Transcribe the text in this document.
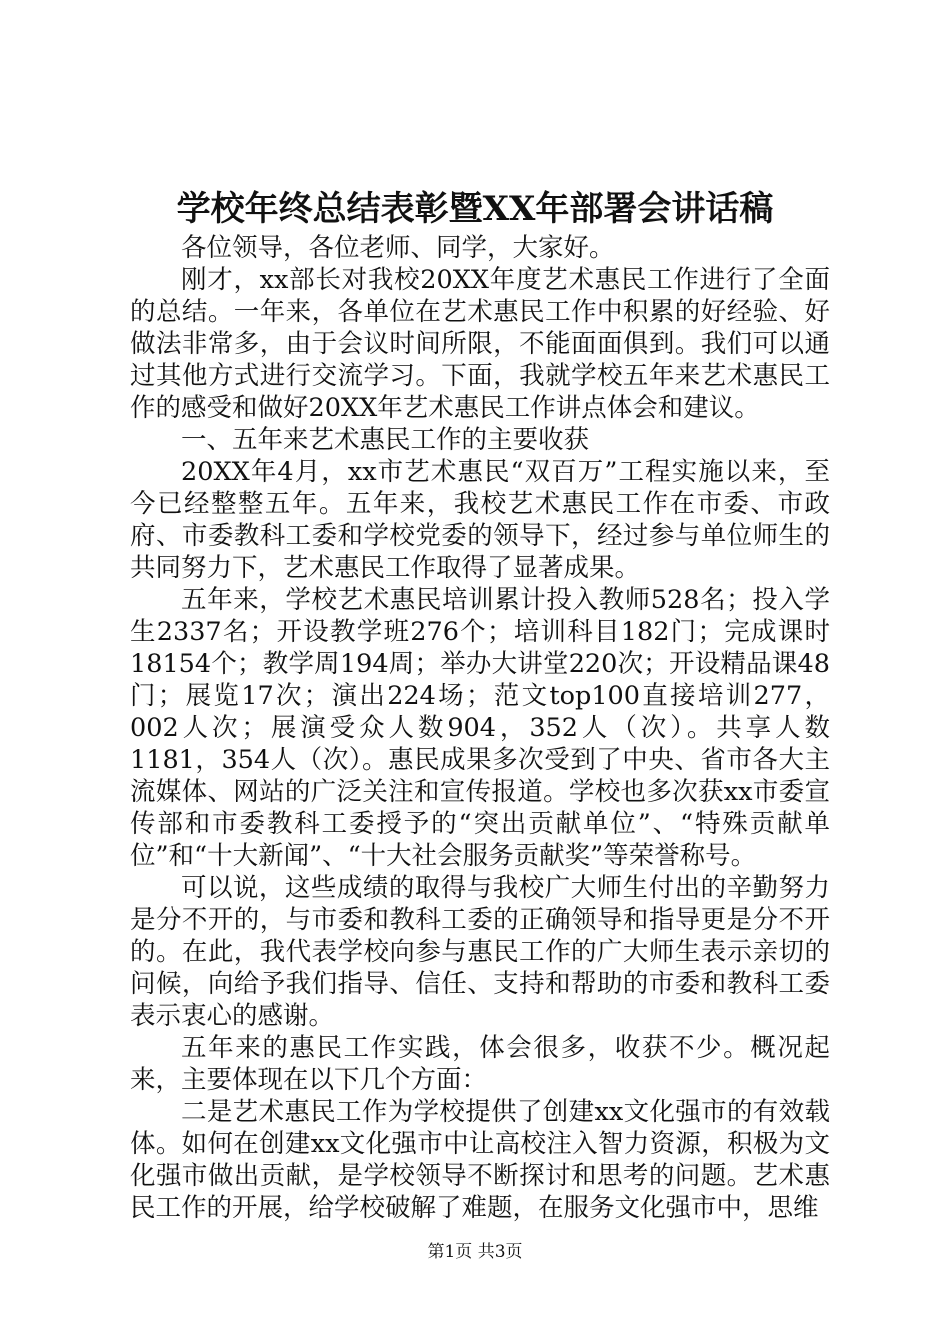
学校年终总结表彰暨XX年部署会讲话稿

各位领导，各位老师、同学，大家好。

刚才，xx部长对我校20XX年度艺术惠民工作进行了全面的总结。一年来，各单位在艺术惠民工作中积累的好经验、好做法非常多，由于会议时间所限，不能面面俱到。我们可以通过其他方式进行交流学习。下面，我就学校五年来艺术惠民工作的感受和做好20XX年艺术惠民工作讲点体会和建议。

一、五年来艺术惠民工作的主要收获

20XX年4月，xx市艺术惠民“双百万”工程实施以来，至今已经整整五年。五年来，我校艺术惠民工作在市委、市政府、市委教科工委和学校党委的领导下，经过参与单位师生的共同努力下，艺术惠民工作取得了显著成果。

五年来，学校艺术惠民培训累计投入教师528名；投入学生2337名；开设教学班276个；培训科目182门；完成课时18154个；教学周194周；举办大讲堂220次；开设精品课48门；展览17次；演出224场；范文top100直接培训277，002人次；展演受众人数904，352人（次）。共享人数1181，354人（次）。惠民成果多次受到了中央、省市各大主流媒体、网站的广泛关注和宣传报道。学校也多次获xx市委宣传部和市委教科工委授予的“突出贡献单位”、“特殊贡献单位”和“十大新闻”、“十大社会服务贡献奖”等荣誉称号。

可以说，这些成绩的取得与我校广大师生付出的辛勤努力是分不开的，与市委和教科工委的正确领导和指导更是分不开的。在此，我代表学校向参与惠民工作的广大师生表示亲切的问候，向给予我们指导、信任、支持和帮助的市委和教科工委表示衷心的感谢。

五年来的惠民工作实践，体会很多，收获不少。概况起来，主要体现在以下几个方面：

二是艺术惠民工作为学校提供了创建xx文化强市的有效载体。如何在创建xx文化强市中让高校注入智力资源，积极为文化强市做出贡献，是学校领导不断探讨和思考的问题。艺术惠民工作的开展，给学校破解了难题，在服务文化强市中，思维

第1页 共3页
